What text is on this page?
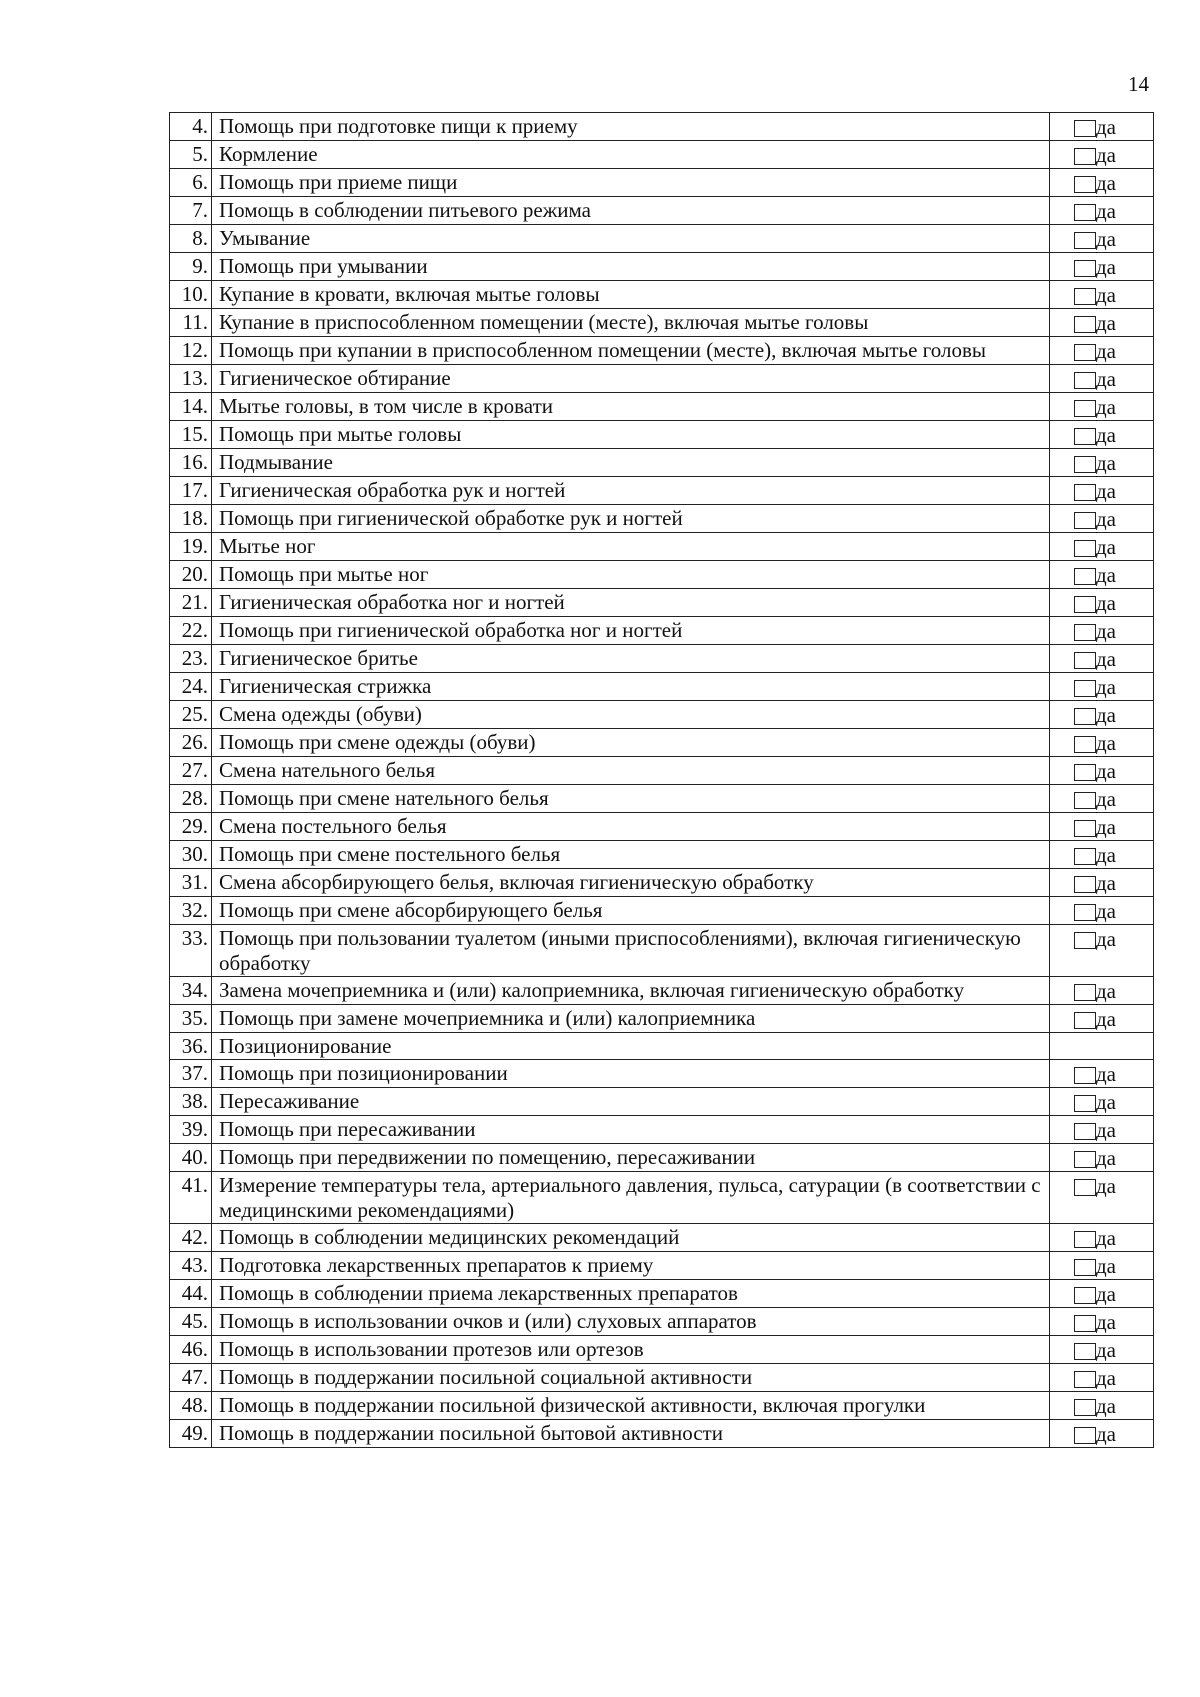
14
4.	Помощь при подготовке пищи к приему	да
5.	Кормление	да
6.	Помощь при приеме пищи	да
7.	Помощь в соблюдении питьевого режима	да
8.	Умывание	да
9.	Помощь при умывании	да
10.	Купание в кровати, включая мытье головы	да
11.	Купание в приспособленном помещении (месте), включая мытье головы	да
12.	Помощь при купании в приспособленном помещении (месте), включая мытье головы	да
13.	Гигиеническое обтирание	да
14.	Мытье головы, в том числе в кровати	да
15.	Помощь при мытье головы	да
16.	Подмывание	да
17.	Гигиеническая обработка рук и ногтей	да
18.	Помощь при гигиенической обработке рук и ногтей	да
19.	Мытье ног	да
20.	Помощь при мытье ног	да
21.	Гигиеническая обработка ног и ногтей	да
22.	Помощь при гигиенической обработка ног и ногтей	да
23.	Гигиеническое бритье	да
24.	Гигиеническая стрижка	да
25.	Смена одежды (обуви)	да
26.	Помощь при смене одежды (обуви)	да
27.	Смена нательного белья	да
28.	Помощь при смене нательного белья	да
29.	Смена постельного белья	да
30.	Помощь при смене постельного белья	да
31.	Смена абсорбирующего белья, включая гигиеническую обработку	да
32.	Помощь при смене абсорбирующего белья	да
33.	Помощь при пользовании туалетом (иными приспособлениями), включая гигиеническую обработку	да
34.	Замена мочеприемника и (или) калоприемника, включая гигиеническую обработку	да
35.	Помощь при замене мочеприемника и (или) калоприемника	да
36.	Позиционирование	
37.	Помощь при позиционировании	да
38.	Пересаживание	да
39.	Помощь при пересаживании	да
40.	Помощь при передвижении по помещению, пересаживании	да
41.	Измерение температуры тела, артериального давления, пульса, сатурации (в соответствии с медицинскими рекомендациями)	да
42.	Помощь в соблюдении медицинских рекомендаций	да
43.	Подготовка лекарственных препаратов к приему	да
44.	Помощь в соблюдении приема лекарственных препаратов	да
45.	Помощь в использовании очков и (или) слуховых аппаратов	да
46.	Помощь в использовании протезов или ортезов	да
47.	Помощь в поддержании посильной социальной активности	да
48.	Помощь в поддержании посильной физической активности, включая прогулки	да
49.	Помощь в поддержании посильной бытовой активности	да
